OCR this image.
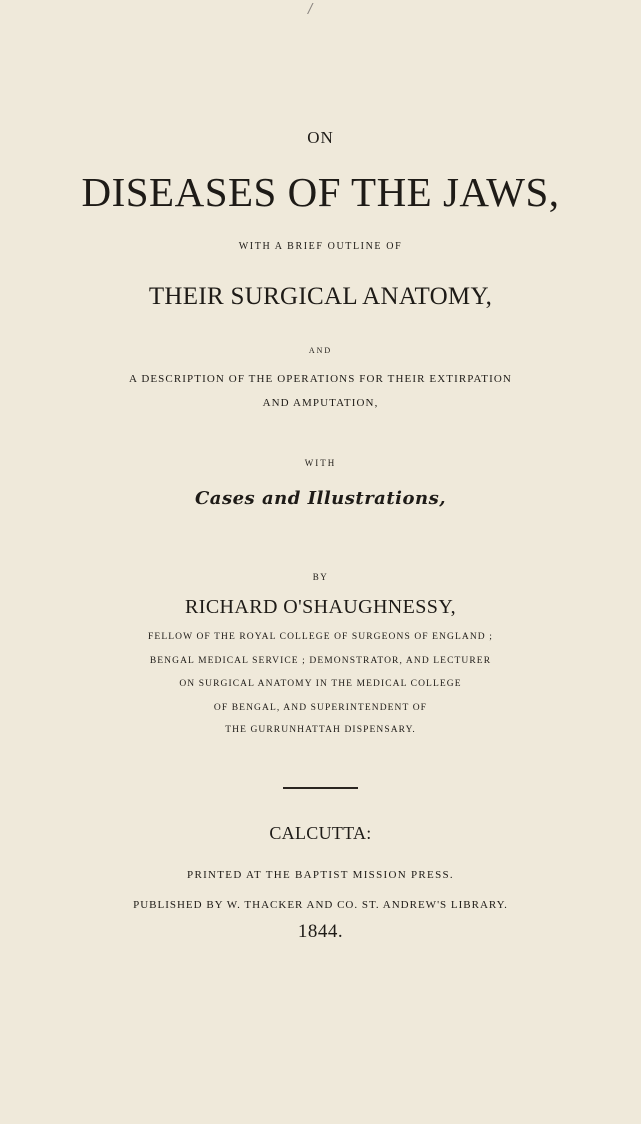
/
ON
DISEASES OF THE JAWS,
WITH A BRIEF OUTLINE OF
THEIR SURGICAL ANATOMY,
AND
A DESCRIPTION OF THE OPERATIONS FOR THEIR EXTIRPATION
AND AMPUTATION,
WITH
Cases and Illustrations,
BY
RICHARD O'SHAUGHNESSY,
FELLOW OF THE ROYAL COLLEGE OF SURGEONS OF ENGLAND ;
BENGAL MEDICAL SERVICE ; DEMONSTRATOR, AND LECTURER
ON SURGICAL ANATOMY IN THE MEDICAL COLLEGE
OF BENGAL, AND SUPERINTENDENT OF
THE GURRUNHATTAH DISPENSARY.
CALCUTTA:
PRINTED AT THE BAPTIST MISSION PRESS.
PUBLISHED BY W. THACKER AND CO. ST. ANDREW'S LIBRARY.
1844.
